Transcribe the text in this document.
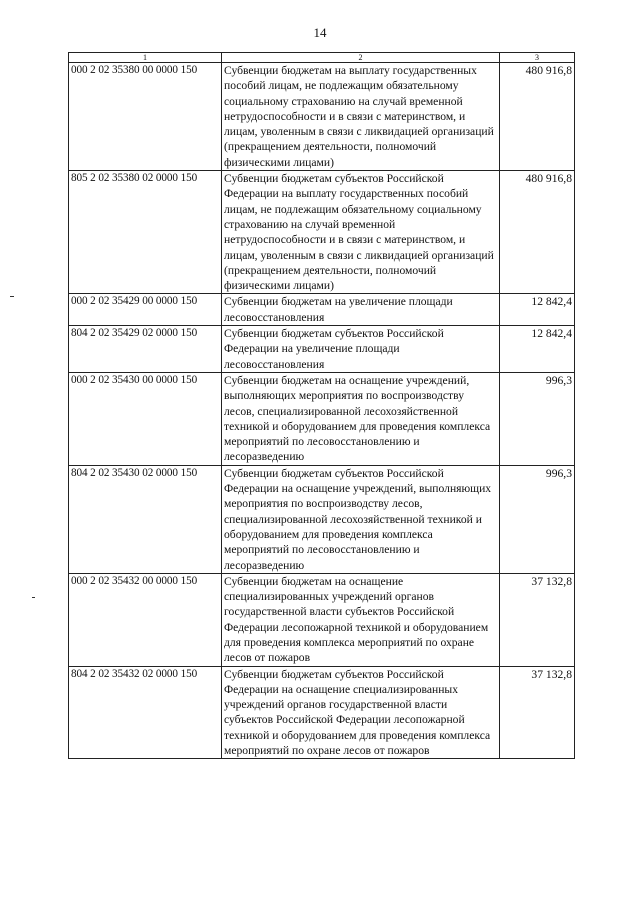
14
1	2	3
000 2 02 35380 00 0000 150	Субвенции бюджетам на выплату государственных пособий лицам, не подлежащим обязательному социальному страхованию на случай временной нетрудоспособности и в связи с материнством, и лицам, уволенным в связи с ликвидацией организаций (прекращением деятельности, полномочий физическими лицами)	480 916,8
805 2 02 35380 02 0000 150	Субвенции бюджетам субъектов Российской Федерации на выплату государственных пособий лицам, не подлежащим обязательному социальному страхованию на случай временной нетрудоспособности и в связи с материнством, и лицам, уволенным в связи с ликвидацией организаций (прекращением деятельности, полномочий физическими лицами)	480 916,8
000 2 02 35429 00 0000 150	Субвенции бюджетам на увеличение площади лесовосстановления	12 842,4
804 2 02 35429 02 0000 150	Субвенции бюджетам субъектов Российской Федерации на увеличение площади лесовосстановления	12 842,4
000 2 02 35430 00 0000 150	Субвенции бюджетам на оснащение учреждений, выполняющих мероприятия по воспроизводству лесов, специализированной лесохозяйственной техникой и оборудованием для проведения комплекса мероприятий по лесовосстановлению и лесоразведению	996,3
804 2 02 35430 02 0000 150	Субвенции бюджетам субъектов Российской Федерации на оснащение учреждений, выполняющих мероприятия по воспроизводству лесов, специализированной лесохозяйственной техникой и оборудованием для проведения комплекса мероприятий по лесовосстановлению и лесоразведению	996,3
000 2 02 35432 00 0000 150	Субвенции бюджетам на оснащение специализированных учреждений органов государственной власти субъектов Российской Федерации лесопожарной техникой и оборудованием для проведения комплекса мероприятий по охране лесов от пожаров	37 132,8
804 2 02 35432 02 0000 150	Субвенции бюджетам субъектов Российской Федерации на оснащение специализированных учреждений органов государственной власти субъектов Российской Федерации лесопожарной техникой и оборудованием для проведения комплекса мероприятий по охране лесов от пожаров	37 132,8
